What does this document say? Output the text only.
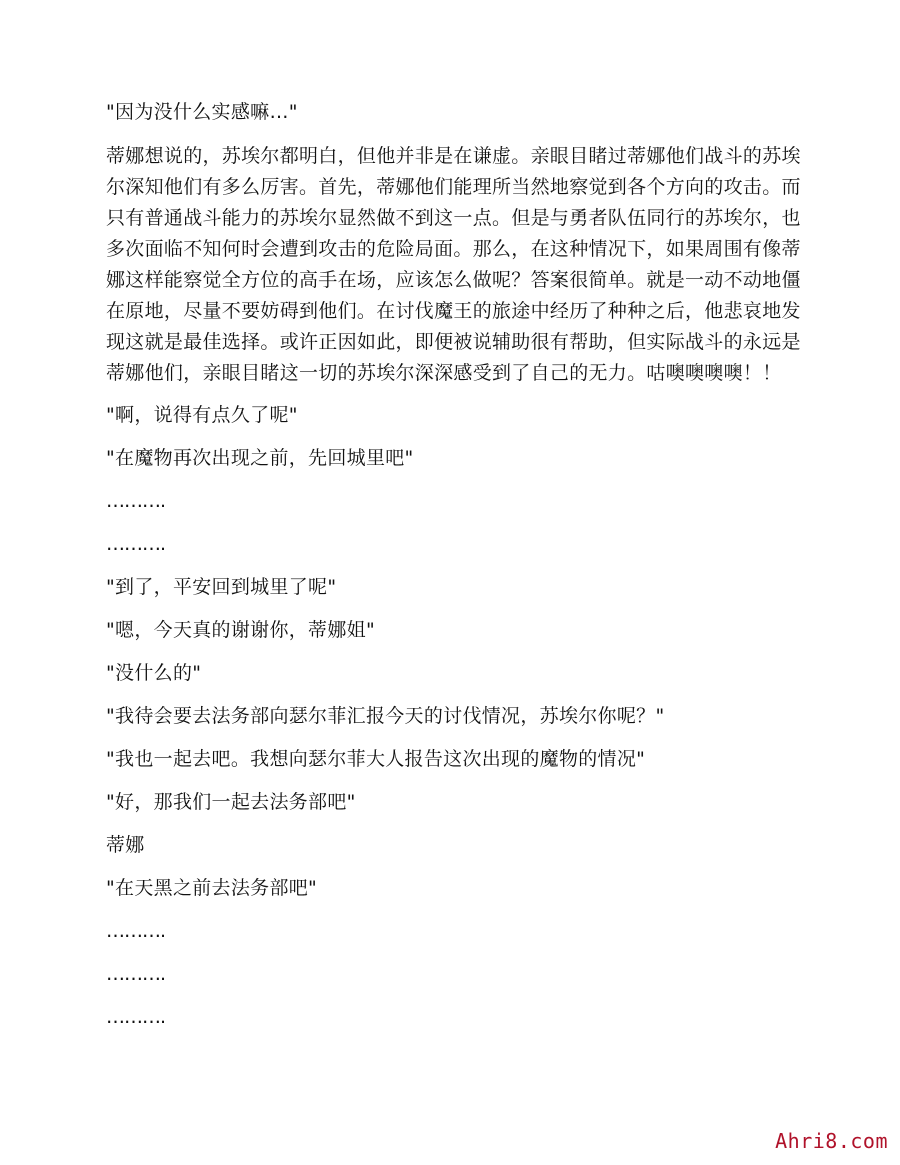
"因为没什么实感嘛…"

蒂娜想说的，苏埃尔都明白，但他并非是在谦虚。亲眼目睹过蒂娜他们战斗的苏埃尔深知他们有多么厉害。首先，蒂娜他们能理所当然地察觉到各个方向的攻击。而只有普通战斗能力的苏埃尔显然做不到这一点。但是与勇者队伍同行的苏埃尔，也多次面临不知何时会遭到攻击的危险局面。那么，在这种情况下，如果周围有像蒂娜这样能察觉全方位的高手在场，应该怎么做呢？答案很简单。就是一动不动地僵在原地，尽量不要妨碍到他们。在讨伐魔王的旅途中经历了种种之后，他悲哀地发现这就是最佳选择。或许正因如此，即便被说辅助很有帮助，但实际战斗的永远是蒂娜他们，亲眼目睹这一切的苏埃尔深深感受到了自己的无力。咕噢噢噢噢！！

"啊，说得有点久了呢"

"在魔物再次出现之前，先回城里吧"

……….

……….

"到了，平安回到城里了呢"

"嗯，今天真的谢谢你，蒂娜姐"

"没什么的"

"我待会要去法务部向瑟尔菲汇报今天的讨伐情况，苏埃尔你呢？"

"我也一起去吧。我想向瑟尔菲大人报告这次出现的魔物的情况"

"好，那我们一起去法务部吧"

蒂娜

"在天黑之前去法务部吧"

……….

……….

……….

Ahri8.com
